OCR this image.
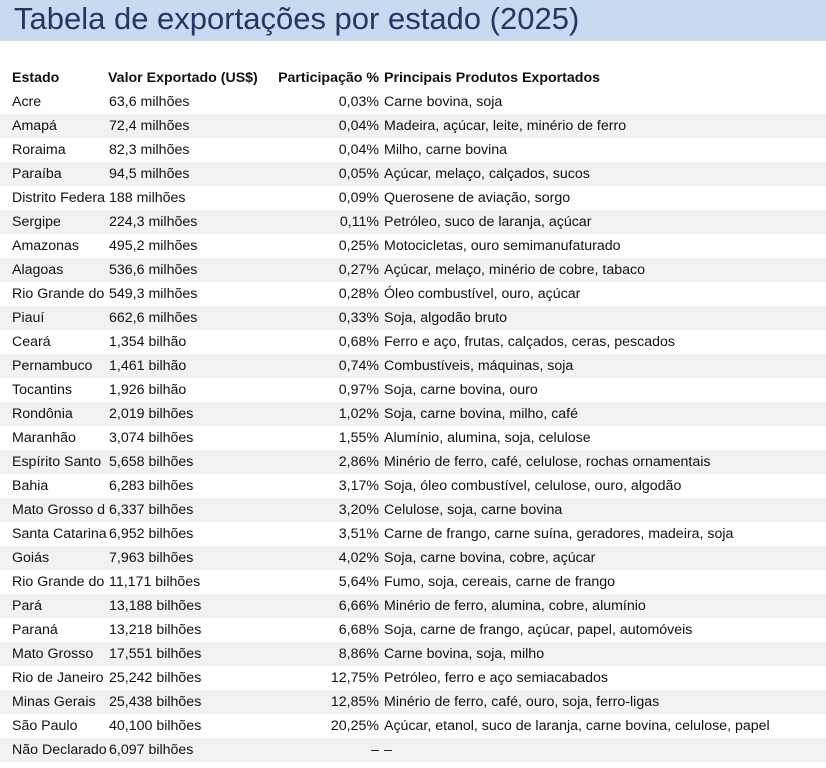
Tabela de exportações por estado (2025)
Estado	Valor Exportado (US$)	Participação %	Principais Produtos Exportados
Acre	63,6 milhões	0,03%	Carne bovina, soja
Amapá	72,4 milhões	0,04%	Madeira, açúcar, leite, minério de ferro
Roraima	82,3 milhões	0,04%	Milho, carne bovina
Paraíba	94,5 milhões	0,05%	Açúcar, melaço, calçados, sucos
Distrito Federa	188 milhões	0,09%	Querosene de aviação, sorgo
Sergipe	224,3 milhões	0,11%	Petróleo, suco de laranja, açúcar
Amazonas	495,2 milhões	0,25%	Motocicletas, ouro semimanufaturado
Alagoas	536,6 milhões	0,27%	Açúcar, melaço, minério de cobre, tabaco
Rio Grande do	549,3 milhões	0,28%	Óleo combustível, ouro, açúcar
Piauí	662,6 milhões	0,33%	Soja, algodão bruto
Ceará	1,354 bilhão	0,68%	Ferro e aço, frutas, calçados, ceras, pescados
Pernambuco	1,461 bilhão	0,74%	Combustíveis, máquinas, soja
Tocantins	1,926 bilhão	0,97%	Soja, carne bovina, ouro
Rondônia	2,019 bilhões	1,02%	Soja, carne bovina, milho, café
Maranhão	3,074 bilhões	1,55%	Alumínio, alumina, soja, celulose
Espírito Santo	5,658 bilhões	2,86%	Minério de ferro, café, celulose, rochas ornamentais
Bahia	6,283 bilhões	3,17%	Soja, óleo combustível, celulose, ouro, algodão
Mato Grosso d	6,337 bilhões	3,20%	Celulose, soja, carne bovina
Santa Catarina	6,952 bilhões	3,51%	Carne de frango, carne suína, geradores, madeira, soja
Goiás	7,963 bilhões	4,02%	Soja, carne bovina, cobre, açúcar
Rio Grande do	11,171 bilhões	5,64%	Fumo, soja, cereais, carne de frango
Pará	13,188 bilhões	6,66%	Minério de ferro, alumina, cobre, alumínio
Paraná	13,218 bilhões	6,68%	Soja, carne de frango, açúcar, papel, automóveis
Mato Grosso	17,551 bilhões	8,86%	Carne bovina, soja, milho
Rio de Janeiro	25,242 bilhões	12,75%	Petróleo, ferro e aço semiacabados
Minas Gerais	25,438 bilhões	12,85%	Minério de ferro, café, ouro, soja, ferro-ligas
São Paulo	40,100 bilhões	20,25%	Açúcar, etanol, suco de laranja, carne bovina, celulose, papel
Não Declarado	6,097 bilhões	–	–
